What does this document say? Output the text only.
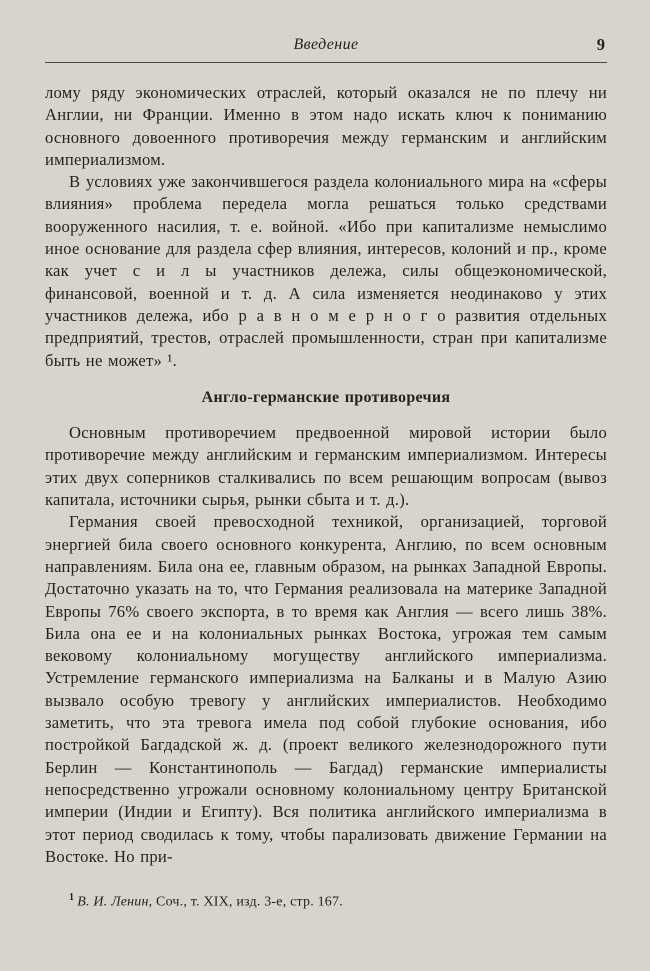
Введение	9

лому ряду экономических отраслей, который оказался не по плечу ни Англии, ни Франции. Именно в этом надо искать ключ к пониманию основного довоенного противоречия между германским и английским империализмом.

В условиях уже закончившегося раздела колониального мира на «сферы влияния» проблема передела могла решаться только средствами вооруженного насилия, т. е. войной. «Ибо при капитализме немыслимо иное основание для раздела сфер влияния, интересов, колоний и пр., кроме как учет с и л ы участников дележа, силы общеэкономической, финансовой, военной и т. д. А сила изменяется неодинаково у этих участников дележа, ибо р а в н о м е р н о г о развития отдельных предприятий, трестов, отраслей промышленности, стран при капитализме быть не может» ¹.

Англо-германские противоречия

Основным противоречием предвоенной мировой истории было противоречие между английским и германским империализмом. Интересы этих двух соперников сталкивались по всем решающим вопросам (вывоз капитала, источники сырья, рынки сбыта и т. д.).

Германия своей превосходной техникой, организацией, торговой энергией била своего основного конкурента, Англию, по всем основным направлениям. Била она ее, главным образом, на рынках Западной Европы. Достаточно указать на то, что Германия реализовала на материке Западной Европы 76% своего экспорта, в то время как Англия — всего лишь 38%. Била она ее и на колониальных рынках Востока, угрожая тем самым вековому колониальному могуществу английского империализма. Устремление германского империализма на Балканы и в Малую Азию вызвало особую тревогу у английских империалистов. Необходимо заметить, что эта тревога имела под собой глубокие основания, ибо постройкой Багдадской ж. д. (проект великого железнодорожного пути Берлин — Константинополь — Багдад) германские империалисты непосредственно угрожали основному колониальному центру Британской империи (Индии и Египту). Вся политика английского империализма в этот период сводилась к тому, чтобы парализовать движение Германии на Востоке. Но при-

$^1$ В. И. Ленин, Соч., т. XIX, изд. 3-е, стр. 167.
